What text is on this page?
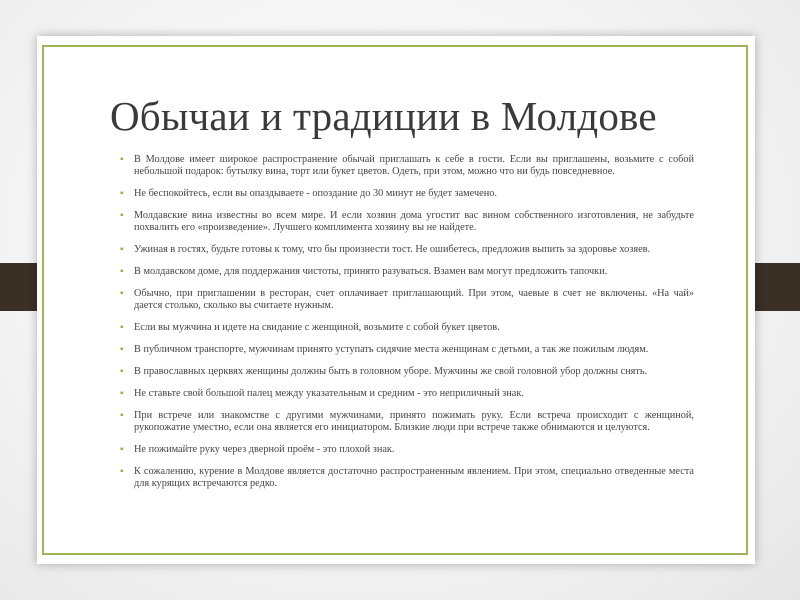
Обычаи и традиции в Молдове
▪ В Молдове имеет широкое распространение обычай приглашать к себе в гости. Если вы приглашены, возьмите с собой небольшой подарок: бутылку вина, торт или букет цветов. Одеть, при этом, можно что ни будь повседневное.
▪ Не беспокойтесь, если вы опаздываете - опоздание до 30 минут не будет замечено.
▪ Молдавские вина известны во всем мире. И если хозяин дома угостит вас вином собственного изготовления, не забудьте похвалить его «произведение». Лучшего комплимента хозяину вы не найдете.
▪ Ужиная в гостях, будьте готовы к тому, что бы произнести тост. Не ошибетесь, предложив выпить за здоровье хозяев.
▪ В молдавском доме, для поддержания чистоты, принято разуваться. Взамен вам могут предложить тапочки.
▪ Обычно, при приглашении в ресторан, счет оплачивает приглашающий. При этом, чаевые в счет не включены. «На чай» дается столько, сколько вы считаете нужным.
▪ Если вы мужчина и идете на свидание с женщиной, возьмите с собой букет цветов.
▪ В публичном транспорте, мужчинам принято уступать сидячие места женщинам с детьми, а так же пожилым людям.
▪ В православных церквях женщины должны быть в головном уборе. Мужчины же свой головной убор должны снять.
▪ Не ставьте свой большой палец между указательным и средним - это неприличный знак.
▪ При встрече или знакомстве с другими мужчинами, принято пожимать руку. Если встреча происходит с женщиной, рукопожатие уместно, если она является его инициатором. Близкие люди при встрече также обнимаются и целуются.
▪ Не пожимайте руку через дверной проём - это плохой знак.
▪ К сожалению, курение в Молдове является достаточно распространенным явлением. При этом, специально отведенные места для курящих встречаются редко.
